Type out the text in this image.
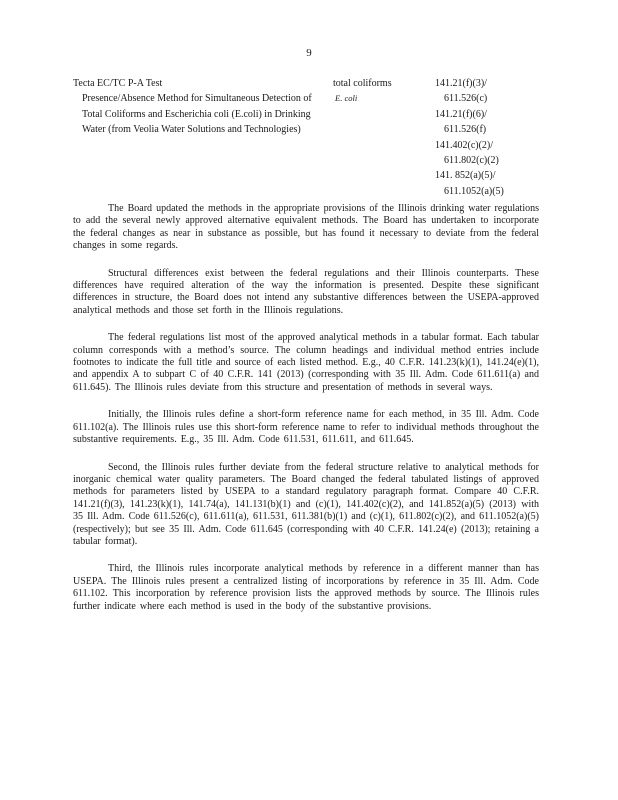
9
Tecta EC/TC P-A Test
Presence/Absence Method for Simultaneous Detection of Total Coliforms and Escherichia coli (E.coli) in Drinking Water (from Veolia Water Solutions and Technologies)
total coliforms
E. coli
141.21(f)(3)/
611.526(c)
141.21(f)(6)/
611.526(f)
141.402(c)(2)/
611.802(c)(2)
141. 852(a)(5)/
611.1052(a)(5)

The Board updated the methods in the appropriate provisions of the Illinois drinking water regulations to add the several newly approved alternative equivalent methods. The Board has undertaken to incorporate the federal changes as near in substance as possible, but has found it necessary to deviate from the federal changes in some regards.

Structural differences exist between the federal regulations and their Illinois counterparts. These differences have required alteration of the way the information is presented. Despite these significant differences in structure, the Board does not intend any substantive differences between the USEPA-approved analytical methods and those set forth in the Illinois regulations.

The federal regulations list most of the approved analytical methods in a tabular format. Each tabular column corresponds with a method’s source. The column headings and individual method entries include footnotes to indicate the full title and source of each listed method. E.g., 40 C.F.R. 141.23(k)(1), 141.24(e)(1), and appendix A to subpart C of 40 C.F.R. 141 (2013) (corresponding with 35 Ill. Adm. Code 611.611(a) and 611.645). The Illinois rules deviate from this structure and presentation of methods in several ways.

Initially, the Illinois rules define a short-form reference name for each method, in 35 Ill. Adm. Code 611.102(a). The Illinois rules use this short-form reference name to refer to individual methods throughout the substantive requirements. E.g., 35 Ill. Adm. Code 611.531, 611.611, and 611.645.

Second, the Illinois rules further deviate from the federal structure relative to analytical methods for inorganic chemical water quality parameters. The Board changed the federal tabulated listings of approved methods for parameters listed by USEPA to a standard regulatory paragraph format. Compare 40 C.F.R. 141.21(f)(3), 141.23(k)(1), 141.74(a), 141.131(b)(1) and (c)(1), 141.402(c)(2), and 141.852(a)(5) (2013) with 35 Ill. Adm. Code 611.526(c), 611.611(a), 611.531, 611.381(b)(1) and (c)(1), 611.802(c)(2), and 611.1052(a)(5) (respectively); but see 35 Ill. Adm. Code 611.645 (corresponding with 40 C.F.R. 141.24(e) (2013); retaining a tabular format).

Third, the Illinois rules incorporate analytical methods by reference in a different manner than has USEPA. The Illinois rules present a centralized listing of incorporations by reference in 35 Ill. Adm. Code 611.102. This incorporation by reference provision lists the approved methods by source. The Illinois rules further indicate where each method is used in the body of the substantive provisions.
